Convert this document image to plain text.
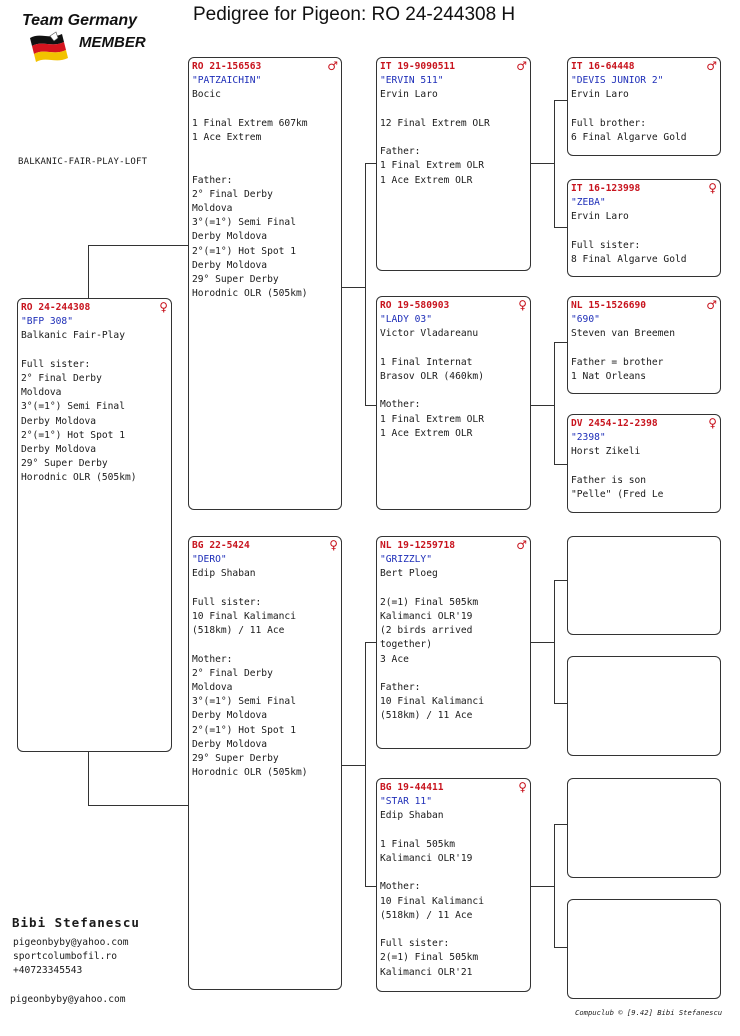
Pedigree for Pigeon: RO 24-244308 H
Team Germany
MEMBER
BALKANIC-FAIR-PLAY-LOFT
RO 24-244308	♀
"BFP 308"
Balkanic Fair-Play
Full sister:
2° Final Derby
Moldova
3°(=1°) Semi Final
Derby Moldova
2°(=1°) Hot Spot 1
Derby Moldova
29° Super Derby
Horodnic OLR (505km)
RO 21-156563	♂
"PATZAICHIN"
Bocic
1 Final Extrem 607km
1 Ace Extrem
Father:
2° Final Derby
Moldova
3°(=1°) Semi Final
Derby Moldova
2°(=1°) Hot Spot 1
Derby Moldova
29° Super Derby
Horodnic OLR (505km)
BG 22-5424	♀
"DERO"
Edip Shaban
Full sister:
10 Final Kalimanci
(518km) / 11 Ace
Mother:
2° Final Derby
Moldova
3°(=1°) Semi Final
Derby Moldova
2°(=1°) Hot Spot 1
Derby Moldova
29° Super Derby
Horodnic OLR (505km)
IT 19-9090511	♂
"ERVIN 511"
Ervin Laro
12 Final Extrem OLR
Father:
1 Final Extrem OLR
1 Ace Extrem OLR
RO 19-580903	♀
"LADY 03"
Victor Vladareanu
1 Final Internat
Brasov OLR (460km)
Mother:
1 Final Extrem OLR
1 Ace Extrem OLR
NL 19-1259718	♂
"GRIZZLY"
Bert Ploeg
2(=1) Final 505km
Kalimanci OLR'19
(2 birds arrived
together)
3 Ace
Father:
10 Final Kalimanci
(518km) / 11 Ace
BG 19-44411	♀
"STAR 11"
Edip Shaban
1 Final 505km
Kalimanci OLR'19
Mother:
10 Final Kalimanci
(518km) / 11 Ace
Full sister:
2(=1) Final 505km
Kalimanci OLR'21
IT 16-64448	♂
"DEVIS JUNIOR 2"
Ervin Laro
Full brother:
6 Final Algarve Gold
IT 16-123998	♀
"ZEBA"
Ervin Laro
Full sister:
8 Final Algarve Gold
NL 15-1526690	♂
"690"
Steven van Breemen
Father = brother
1 Nat Orleans
DV 2454-12-2398	♀
"2398"
Horst Zikeli
Father is son
"Pelle" (Fred Le
Bibi Stefanescu
pigeonbyby@yahoo.com
sportcolumbofil.ro
+40723345543
pigeonbyby@yahoo.com
Compuclub © [9.42] Bibi Stefanescu
